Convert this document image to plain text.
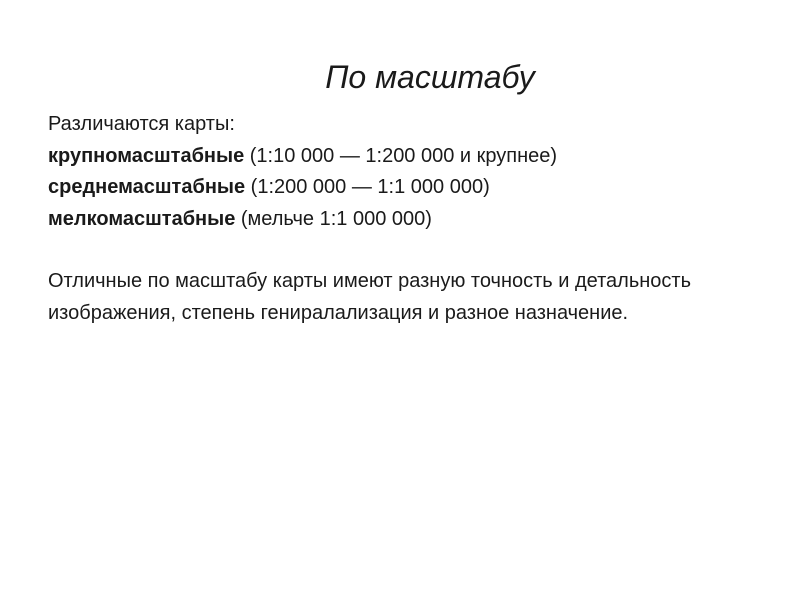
По масштабу
Различаются карты:
крупномасштабные (1:10 000 — 1:200 000 и крупнее)
среднемасштабные (1:200 000 — 1:1 000 000)
мелкомасштабные (мельче 1:1 000 000)
Отличные по масштабу карты имеют разную точность и детальность изображения, степень гениралализация и разное назначение.
